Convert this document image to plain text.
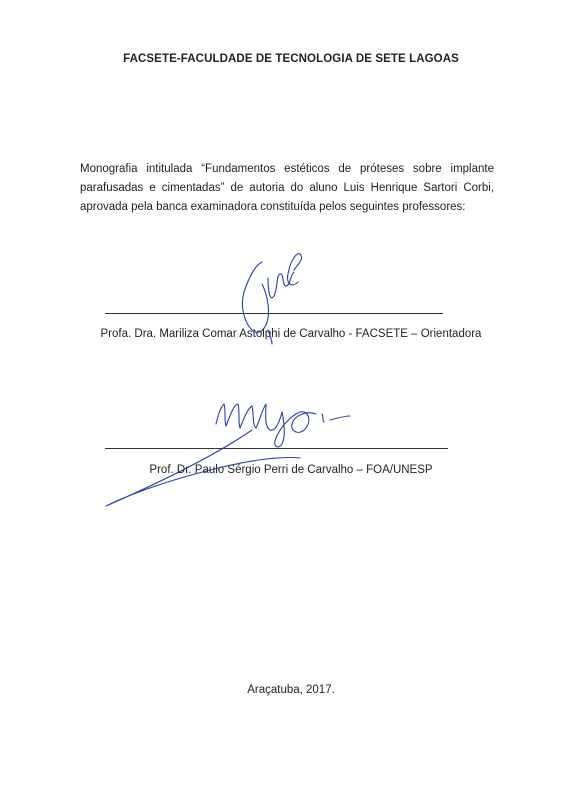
FACSETE-FACULDADE DE TECNOLOGIA DE SETE LAGOAS

Monografia intitulada “Fundamentos estéticos de próteses sobre implante parafusadas e cimentadas” de autoria do aluno Luis Henrique Sartori Corbi, aprovada pela banca examinadora constituída pelos seguintes professores:

Profa. Dra. Mariliza Comar Astolphi de Carvalho - FACSETE – Orientadora
Prof. Dr. Paulo Sérgio Perri de Carvalho – FOA/UNESP
Araçatuba, 2017.
